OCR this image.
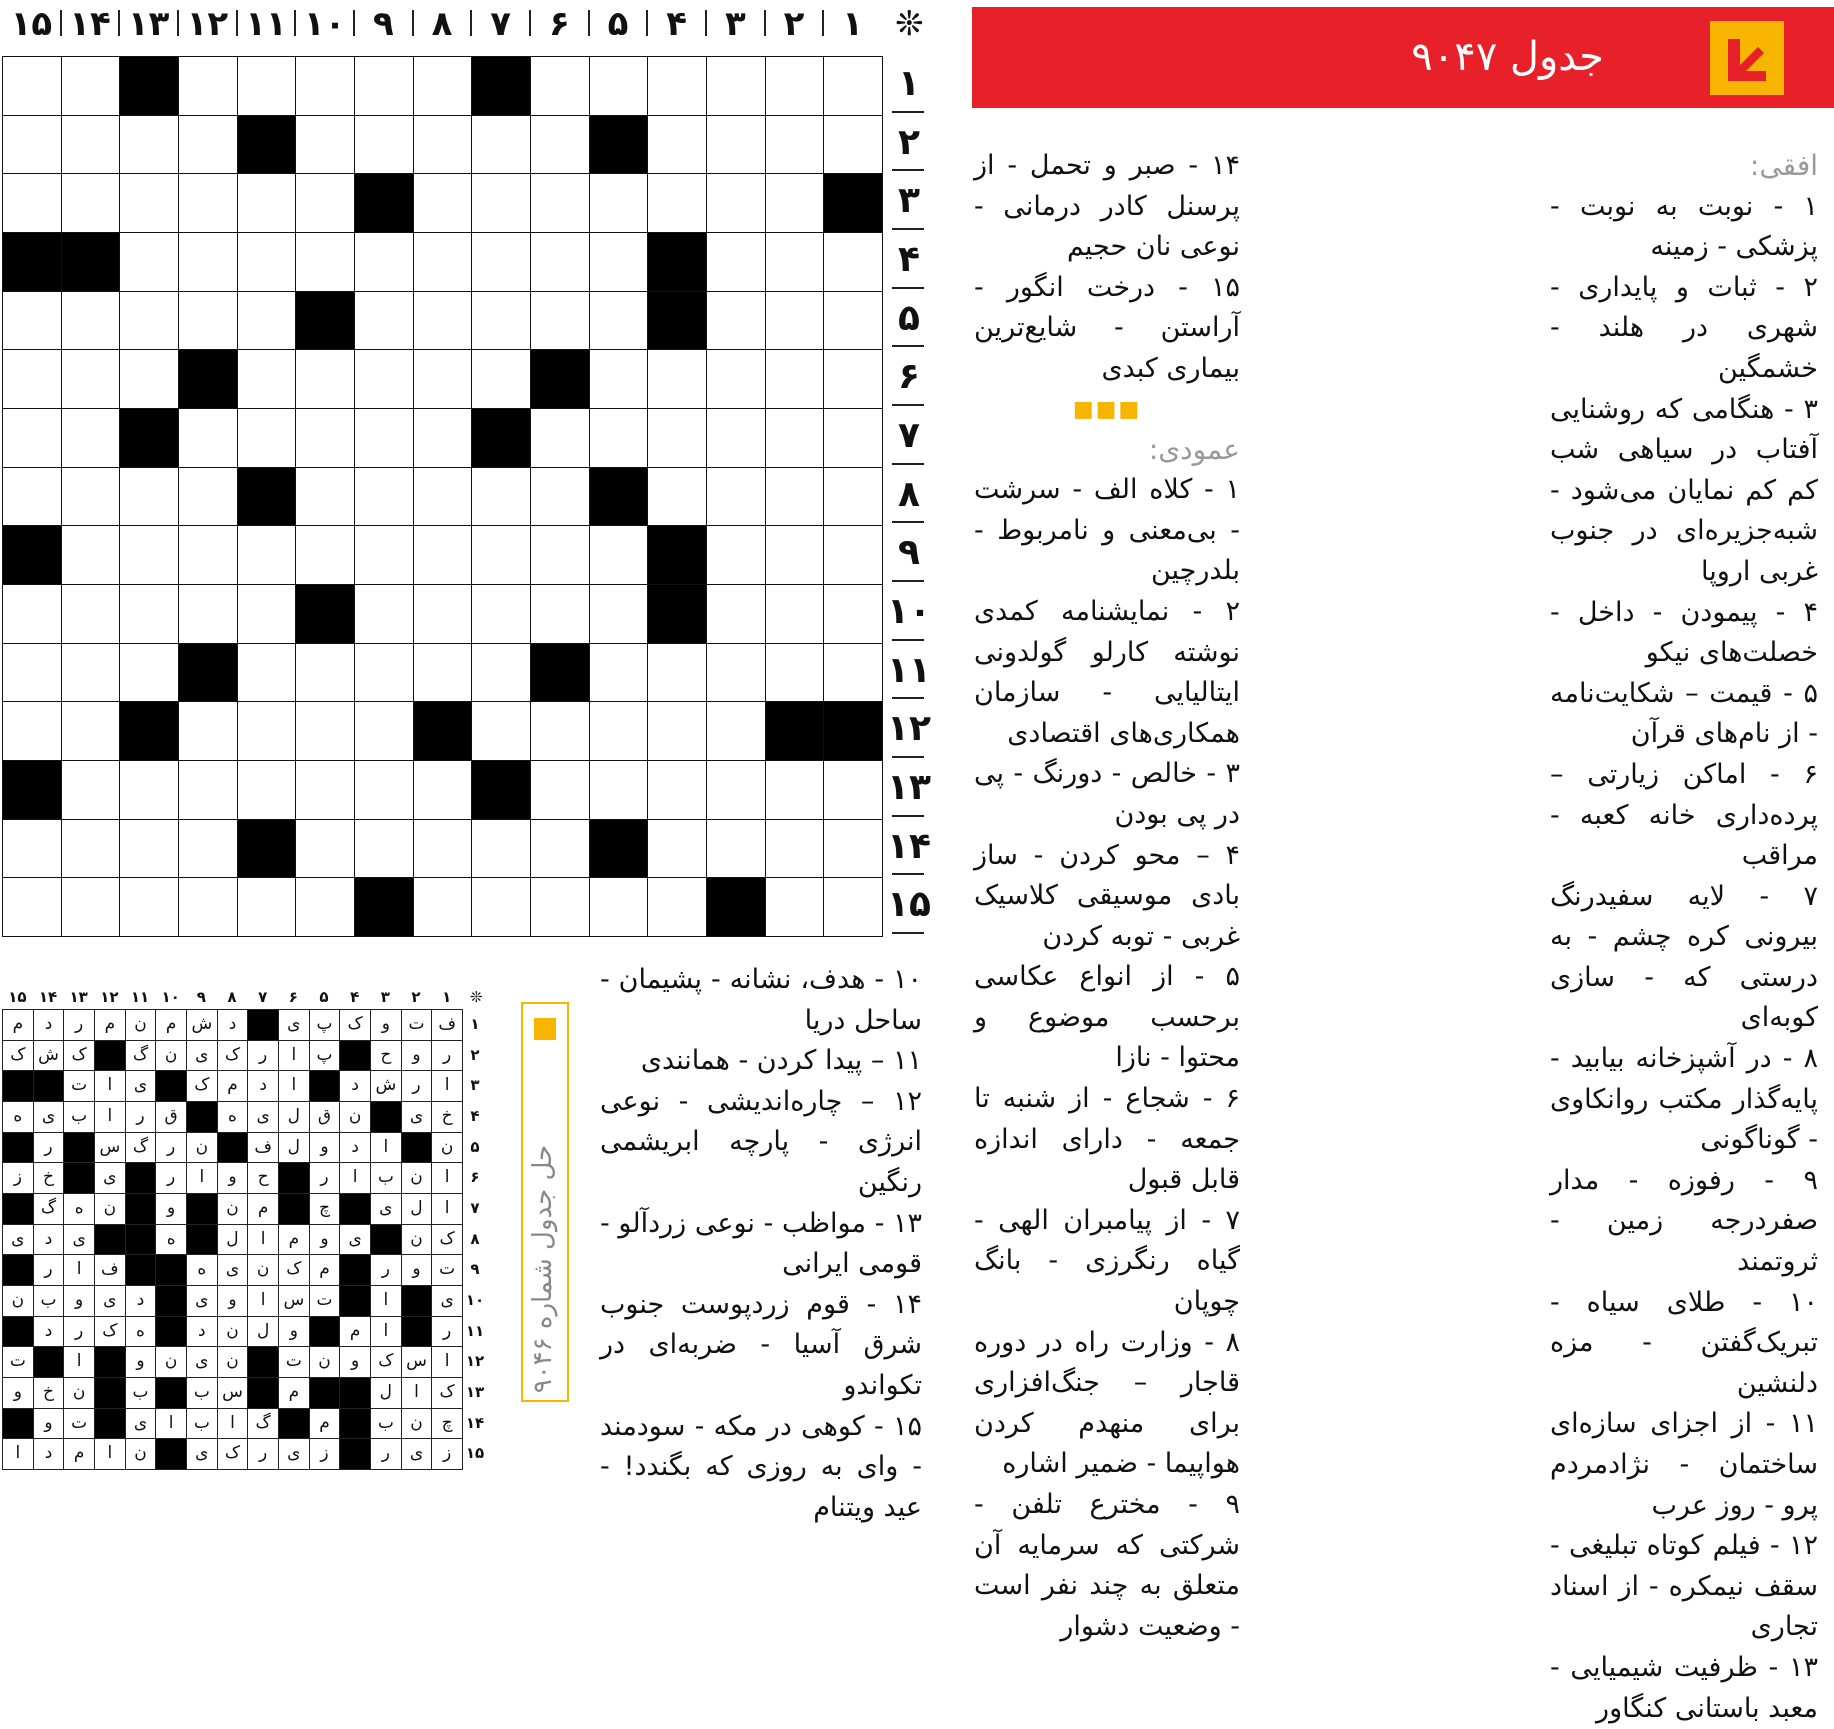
جدول ۹۰۴۷
۱
۲
۳
۴
۵
۶
۷
۸
۹
۱۰
۱۱
۱۲
۱۳
۱۴
۱۵	❊
۱
۲
۳
۴
۵
۶
۷
۸
۹
۱۰
۱۱
۱۲
۱۳
۱۴
۱۵

افقی:

۱ - نوبت به نوبت - پزشکی - زمینه

۲ - ثبات و پایداری - شهری در هلند - خشمگین

۳ - هنگامی که روشنایی آفتاب در سیاهی شب کم کم نمایان می‌شود - شبه‌جزیره‌ای در جنوب غربی اروپا

۴ - پیمودن - داخل - خصلت‌های نیکو

۵ - قیمت – شکایت‌نامه - از نام‌های قرآن

۶ - اماکن زیارتی – پرده‌داری خانه کعبه - مراقب

۷ - لایه سفیدرنگ بیرونی کره چشم - به درستی که - سازی کوبه‌ای

۸ - در آشپزخانه بیابید - پایه‌گذار مکتب روانکاوی - گوناگونی

۹ - رفوزه - مدار صفردرجه زمین - ثروتمند

۱۰ - طلای سیاه - تبریک‌گفتن - مزه دلنشین

۱۱ - از اجزای سازه‌ای ساختمان - نژادمردم پرو - روز عرب

۱۲ - فیلم کوتاه تبلیغی - سقف نیمکره - از اسناد تجاری

۱۳ - ظرفیت شیمیایی - معبد باستانی کنگاور

۱۴ - صبر و تحمل - از پرسنل کادر درمانی - نوعی نان حجیم

۱۵ - درخت انگور - آراستن - شایع‌ترین بیماری کبدی

■■■

عمودی:

۱ - کلاه الف - سرشت - بی‌معنی و نامربوط - بلدرچین

۲ - نمایشنامه کمدی نوشته کارلو گولدونی ایتالیایی - سازمان همکاری‌های اقتصادی

۳ - خالص - دورنگ - پی در پی بودن

۴ – محو کردن - ساز بادی موسیقی کلاسیک غربی - توبه کردن

۵ - از انواع عکاسی برحسب موضوع و محتوا - نازا

۶ - شجاع - از شنبه تا جمعه - دارای اندازه قابل قبول

۷ - از پیامبران الهی - گیاه رنگرزی - بانگ چوپان

۸ - وزارت راه در دوره قاجار – جنگ‌افزاری برای منهدم کردن هواپیما - ضمیر اشاره

۹ - مخترع تلفن - شرکتی که سرمایه آن متعلق به چند نفر است - وضعیت دشوار

۱۰ - هدف، نشانه - پشیمان - ساحل دریا

۱۱ – پیدا کردن - همانندی

۱۲ – چاره‌اندیشی - نوعی انرژی - پارچه ابریشمی رنگین

۱۳ - مواظب - نوعی زردآلو - قومی ایرانی

۱۴ - قوم زردپوست جنوب شرق آسیا - ضربه‌ای در تکواندو

۱۵ - کوهی در مکه - سودمند - وای به روزی که بگندد! - عید ویتنام

۱
۲
۳
۴
۵
۶
۷
۸
۹
۱۰
۱۱
۱۲
۱۳
۱۴
۱۵	❊
۱
۲
۳
۴
۵
۶
۷
۸
۹
۱۰
۱۱
۱۲
۱۳
۱۴
۱۵
ف
ت
و
ک
پ
ی
د
ش
م
ن
م
ر
د
م
ر
و
ح
پ
ا
ر
ک
ی
ن
گ
ک
ش
ک
ا
ر
ش
د
ا
د
م
ک
ی
ا
ت
خ
ی
ن
ق
ل
ی
ه
ق
ر
ا
ب
ی
ه
ن
ا
د
و
ل
ف
ن
ر
گ
س
ر
ا
ن
ب
ا
ر
ح
و
ا
ر
ی
خ
ز
ا
ل
ی
چ
م
ن
و
ن
ه
گ
ک
ن
ی
و
م
ا
ل
ه
ی
د
ی
ت
و
ر
م
ک
ن
ی
ه
ف
ا
ر
ی
ا
ت
س
ا
و
ی
د
ی
و
ب
ن
ر
ا
م
و
ل
ن
د
ه
ک
ر
د
ا
س
ک
و
ن
ت
ن
ی
ن
و
ا
ت
ک
ا
ل
م
س
ب
ب
ن
خ
و
چ
ن
ب
م
گ
ا
ب
ا
ی
ت
و
ز
ی
ر
ز
ی
ر
ک
ی
ن
ا
م
د
ا
حل جدول شماره ۹۰۴۶
